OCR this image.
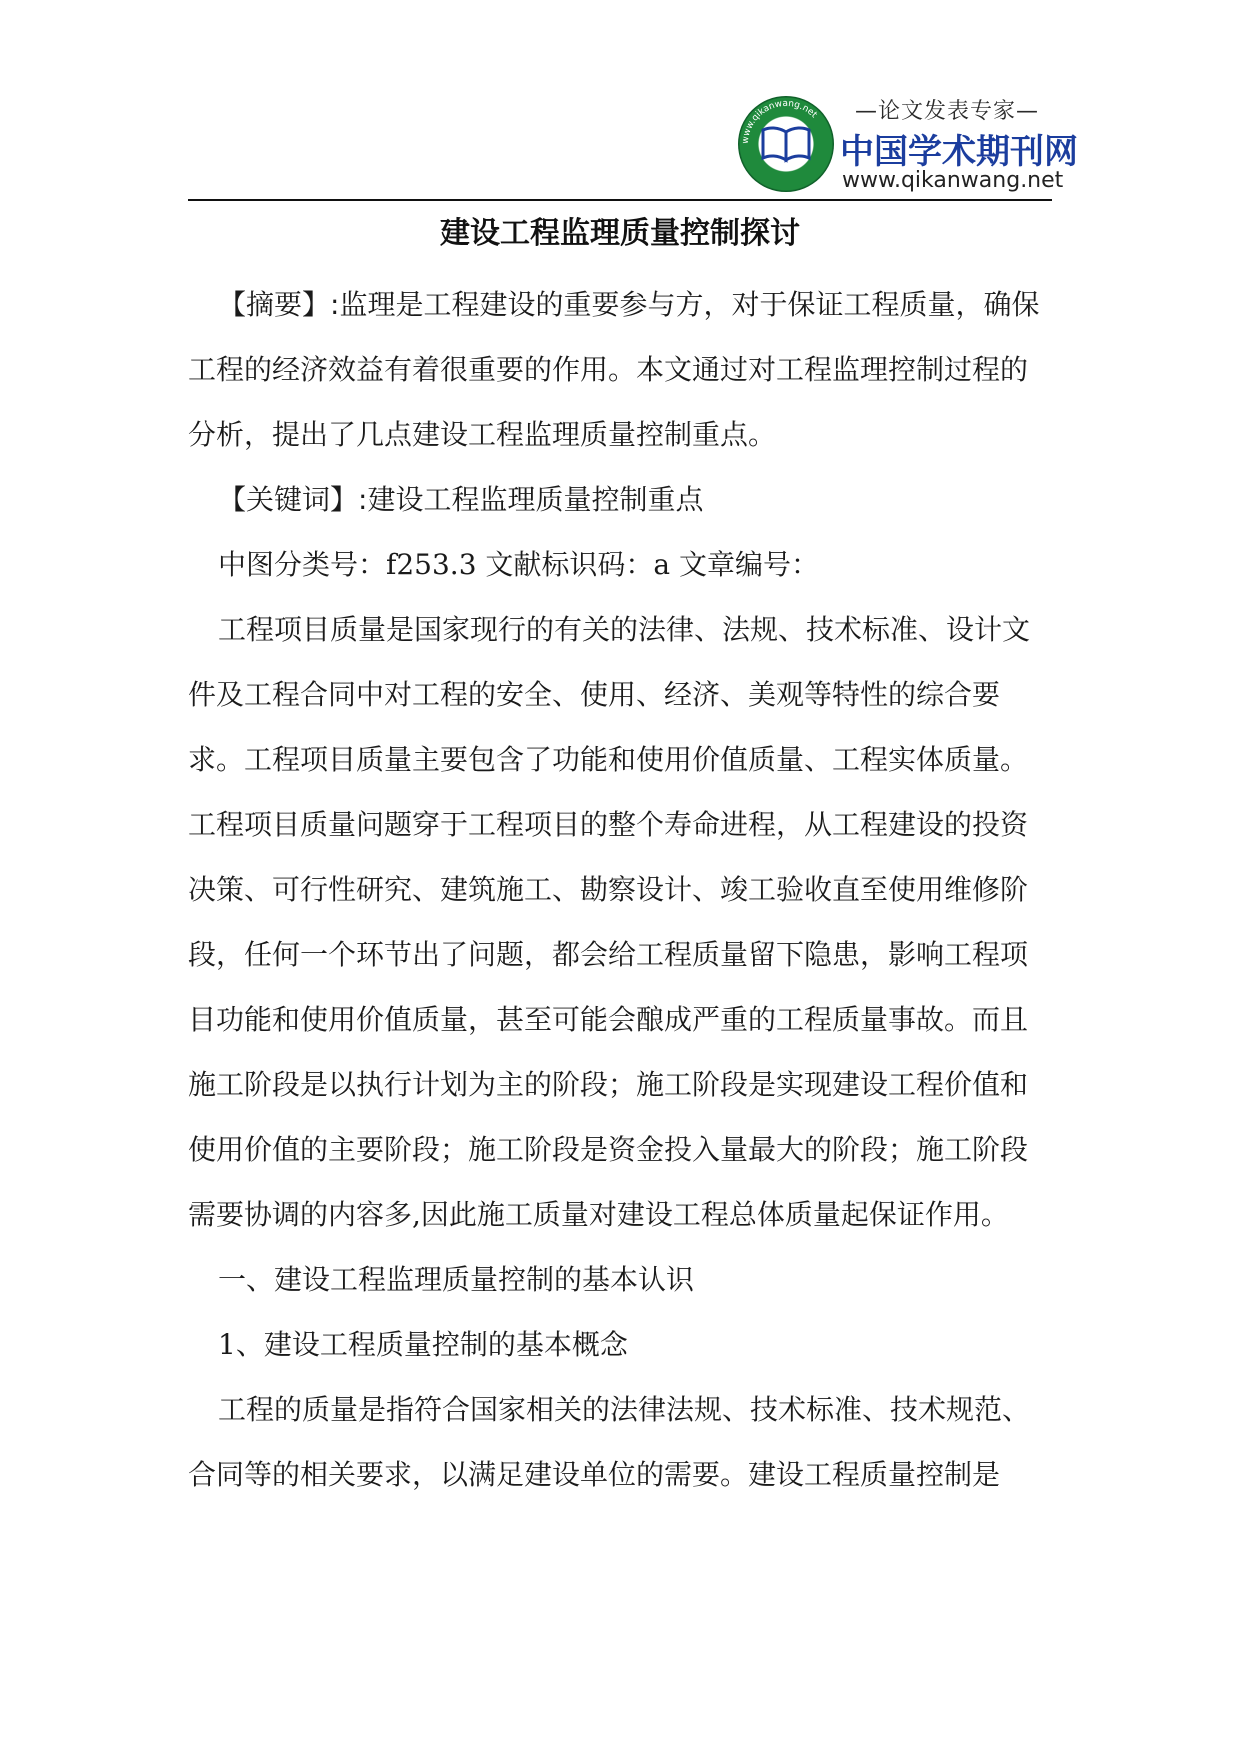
www.qikanwang.net	—论文发表专家—
中国学术期刊网
www.qikanwang.net
建设工程监理质量控制探讨

【摘要】:监理是工程建设的重要参与方，对于保证工程质量，确保工程的经济效益有着很重要的作用。本文通过对工程监理控制过程的分析，提出了几点建设工程监理质量控制重点。

【关键词】:建设工程监理质量控制重点

中图分类号：f253.3 文献标识码：a 文章编号：

工程项目质量是国家现行的有关的法律、法规、技术标准、设计文件及工程合同中对工程的安全、使用、经济、美观等特性的综合要求。工程项目质量主要包含了功能和使用价值质量、工程实体质量。工程项目质量问题穿于工程项目的整个寿命进程，从工程建设的投资决策、可行性研究、建筑施工、勘察设计、竣工验收直至使用维修阶段，任何一个环节出了问题，都会给工程质量留下隐患，影响工程项目功能和使用价值质量，甚至可能会酿成严重的工程质量事故。而且施工阶段是以执行计划为主的阶段；施工阶段是实现建设工程价值和使用价值的主要阶段；施工阶段是资金投入量最大的阶段；施工阶段需要协调的内容多,因此施工质量对建设工程总体质量起保证作用。

一、建设工程监理质量控制的基本认识

1、建设工程质量控制的基本概念

工程的质量是指符合国家相关的法律法规、技术标准、技术规范、合同等的相关要求，以满足建设单位的需要。建设工程质量控制是
